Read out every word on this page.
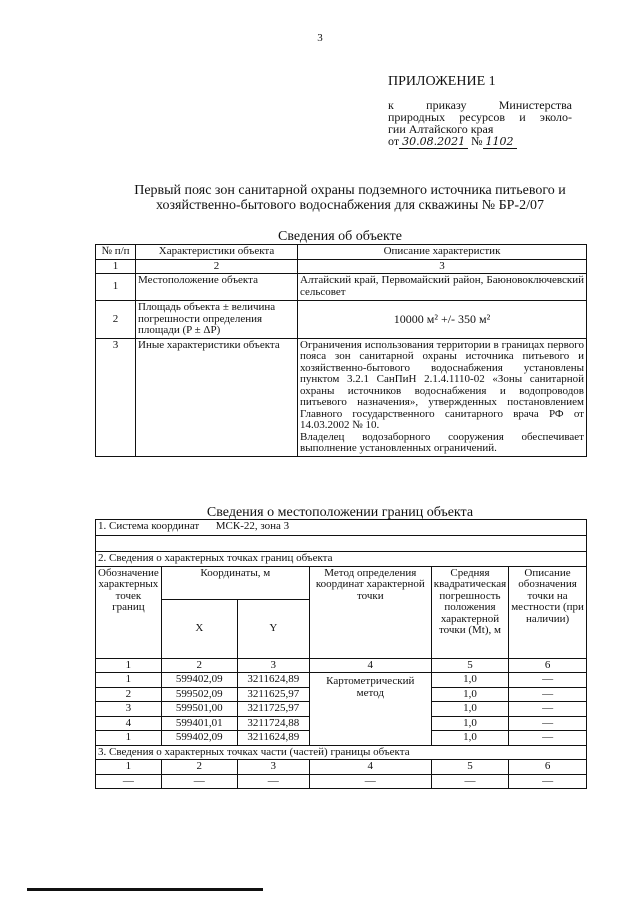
3
ПРИЛОЖЕНИЕ 1
к приказу Министерства
природных ресурсов и эколо-
гии Алтайского края
от 30.08.2021 № 1102
Первый пояс зон санитарной охраны подземного источника питьевого и хозяйственно-бытового водоснабжения для скважины № БР-2/07
Сведения об объекте
№ п/п	Характеристики объекта	Описание характеристик
1	2	3
1	Местоположение объекта	Алтайский край, Первомайский район, Баюновоключевский сельсовет
2	Площадь объекта ± величина погрешности определения площади (P ± ΔP)	10000 м² +/- 350 м²
3	Иные характеристики объекта	Ограничения использования территории в границах первого пояса зон санитарной охраны источника питьевого и хозяйственно-бытового водоснабжения установлены пунктом 3.2.1 СанПиН 2.1.4.1110-02 «Зоны санитарной охраны источников водоснабжения и водопроводов питьевого назначения», утвержденных постановлением Главного государственного санитарного врача РФ от 14.03.2002 № 10.
Владелец водозаборного сооружения обеспечивает выполнение установленных ограничений.
Сведения о местоположении границ объекта
1. Система координат МСК-22, зона 3					

2. Сведения о характерных точках границ объекта					
Обозначение характерных точек границ	Координаты, м		Метод определения координат характерной точки	Средняя квадратическая погрешность положения характерной точки (Mt), м	Описание обозначения точки на местности (при наличии)
	X	Y			
1	2	3	4	5	6
1	599402,09	3211624,89	Картометрический метод	1,0	—
2	599502,09	3211625,97		1,0	—
3	599501,00	3211725,97		1,0	—
4	599401,01	3211724,88		1,0	—
1	599402,09	3211624,89		1,0	—
3. Сведения о характерных точках части (частей) границы объекта					
1	2	3	4	5	6
—	—	—	—	—	—
